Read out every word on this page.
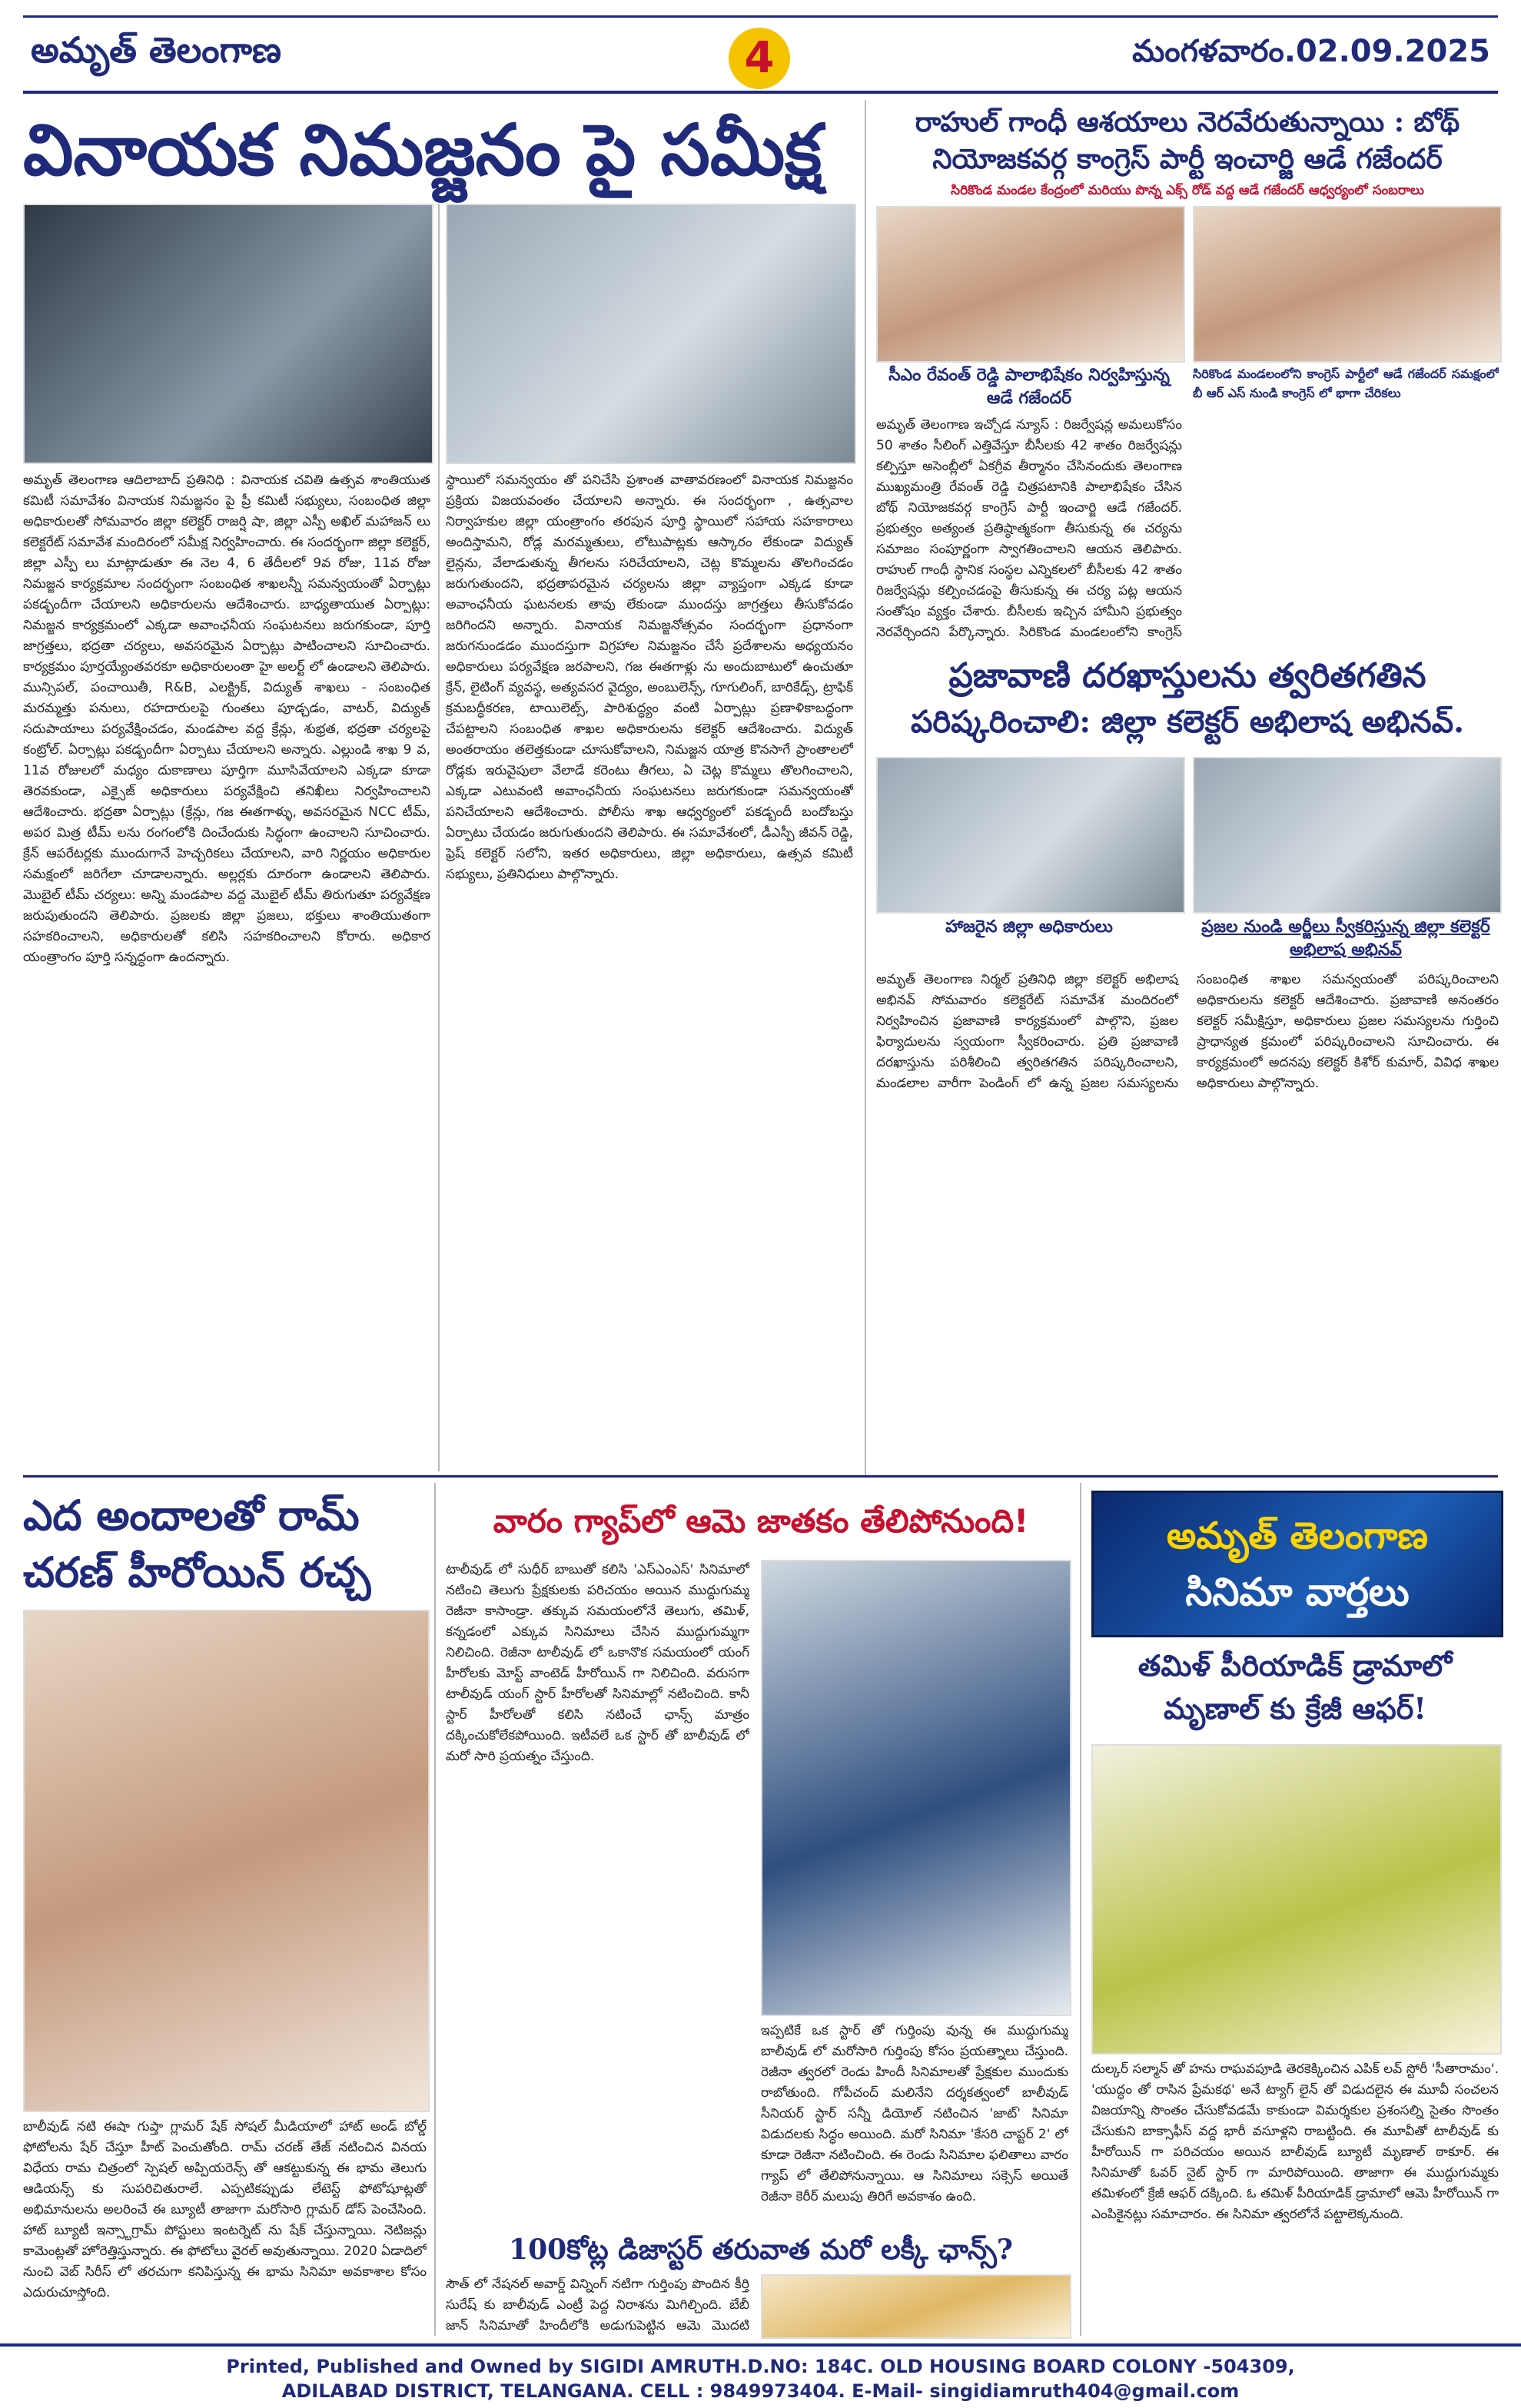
అమృత్ తెలంగాణ	4	మంగళవారం.02.09.2025
వినాయక నిమజ్జనం పై సమీక్ష
అమృత్ తెలంగాణ ఆదిలాబాద్ ప్రతినిధి : వినాయక చవితి ఉత్సవ శాంతియుత కమిటీ సమావేశం వినాయక నిమజ్జనం పై ప్రీ కమిటీ సభ్యులు, సంబంధిత జిల్లా అధికారులతో సోమవారం జిల్లా కలెక్టర్ రాజర్షి షా, జిల్లా ఎస్పీ అఖిల్ మహాజన్ లు కలెక్టరేట్ సమావేశ మందిరంలో సమీక్ష నిర్వహించారు. ఈ సందర్భంగా జిల్లా కలెక్టర్, జిల్లా ఎస్పీ లు మాట్లాడుతూ ఈ నెల 4, 6 తేదీలలో 9వ రోజు, 11వ రోజు నిమజ్జన కార్యక్రమాల సందర్భంగా సంబంధిత శాఖలన్నీ సమన్వయంతో ఏర్పాట్లు పకడ్బందీగా చేయాలని అధికారులను ఆదేశించారు. బాధ్యతాయుత ఏర్పాట్లు: నిమజ్జన కార్యక్రమంలో ఎక్కడా అవాంఛనీయ సంఘటనలు జరుగకుండా, పూర్తి జాగ్రత్తలు, భద్రతా చర్యలు, అవసరమైన ఏర్పాట్లు పాటించాలని సూచించారు. కార్యక్రమం పూర్తయ్యేంతవరకూ అధికారులంతా హై అలర్ట్ లో ఉండాలని తెలిపారు. మున్సిపల్, పంచాయితీ, R&B, ఎలక్ట్రిక్, విద్యుత్ శాఖలు - సంబంధిత మరమ్మత్తు పనులు, రహదారులపై గుంతలు పూడ్చడం, వాటర్, విద్యుత్ సదుపాయాలు పర్యవేక్షించడం, మండపాల వద్ద క్రేన్లు, శుభ్రత, భద్రతా చర్యలపై కంట్రోల్. ఏర్పాట్లు పకడ్బందీగా ఏర్పాటు చేయాలని అన్నారు. ఎల్లుండి శాఖ 9 వ, 11వ రోజులలో మధ్యం దుకాణాలు పూర్తిగా మూసివేయాలని ఎక్కడా కూడా తెరవకుండా, ఎక్సైజ్ అధికారులు పర్యవేక్షించి తనిఖీలు నిర్వహించాలని ఆదేశించారు. భద్రతా ఏర్పాట్లు (క్రేన్లు, గజ ఈతగాళ్ళు, అవసరమైన NCC టీమ్, అపర మిత్ర టీమ్ లను రంగంలోకి దించేందుకు సిద్ధంగా ఉంచాలని సూచించారు. క్రేన్ ఆపరేటర్లకు ముందుగానే హెచ్చరికలు చేయాలని, వారి నిర్ణయం అధికారుల సమక్షంలో జరిగేలా చూడాలన్నారు. అల్లర్లకు దూరంగా ఉండాలని తెలిపారు. మొబైల్ టీమ్ చర్యలు: అన్ని మండపాల వద్ద మొబైల్ టీమ్ తిరుగుతూ పర్యవేక్షణ జరుపుతుందని తెలిపారు. ప్రజలకు జిల్లా ప్రజలు, భక్తులు శాంతియుతంగా సహకరించాలని, అధికారులతో కలిసి సహకరించాలని కోరారు. అధికార యంత్రాంగం పూర్తి సన్నద్ధంగా ఉందన్నారు.
స్థాయిలో సమన్వయం తో పనిచేసి ప్రశాంత వాతావరణంలో వినాయక నిమజ్జనం ప్రక్రియ విజయవంతం చేయాలని అన్నారు. ఈ సందర్భంగా , ఉత్సవాల నిర్వాహకుల జిల్లా యంత్రాంగం తరపున పూర్తి స్థాయిలో సహాయ సహకారాలు అందిస్తామని, రోడ్ల మరమ్మతులు, లోటుపాట్లకు ఆస్కారం లేకుండా విద్యుత్ లైన్లను, వేలాడుతున్న తీగలను సరిచేయాలని, చెట్ల కొమ్మలను తొలగించడం జరుగుతుందని, భద్రతాపరమైన చర్యలను జిల్లా వ్యాప్తంగా ఎక్కడ కూడా అవాంఛనీయ ఘటనలకు తావు లేకుండా ముందస్తు జాగ్రత్తలు తీసుకోవడం జరిగిందని అన్నారు. వినాయక నిమజ్జనోత్సవం సందర్భంగా ప్రధానంగా జరుగనుండడం ముందస్తుగా విగ్రహాల నిమజ్జనం చేసే ప్రదేశాలను అధ్యయనం అధికారులు పర్యవేక్షణ జరపాలని, గజ ఈతగాళ్లు ను అందుబాటులో ఉంచుతూ క్రేన్, లైటింగ్ వ్యవస్థ, అత్యవసర వైద్యం, అంబులెన్స్, గూగులింగ్, బారికేడ్స్, ట్రాఫిక్ క్రమబద్ధీకరణ, టాయిలెట్స్, పారిశుద్ధ్యం వంటి ఏర్పాట్లు ప్రణాళికాబద్ధంగా చేపట్టాలని సంబంధిత శాఖల అధికారులను కలెక్టర్ ఆదేశించారు. విద్యుత్ అంతరాయం తలెత్తకుండా చూసుకోవాలని, నిమజ్జన యాత్ర కొనసాగే ప్రాంతాలలో రోడ్లకు ఇరువైపులా వేలాడే కరెంటు తీగలు, ఏ చెట్ల కొమ్మలు తొలగించాలని, ఎక్కడా ఎటువంటి అవాంఛనీయ సంఘటనలు జరుగకుండా సమన్వయంతో పనిచేయాలని ఆదేశించారు. పోలీసు శాఖ ఆధ్వర్యంలో పకడ్బందీ బందోబస్తు ఏర్పాటు చేయడం జరుగుతుందని తెలిపారు. ఈ సమావేశంలో, డీఎస్పీ జీవన్ రెడ్డి, ఫ్రెష్ కలెక్టర్ సలోని, ఇతర అధికారులు, జిల్లా అధికారులు, ఉత్సవ కమిటీ సభ్యులు, ప్రతినిధులు పాల్గొన్నారు.
రాహుల్ గాంధీ ఆశయాలు నెరవేరుతున్నాయి : బోథ్
నియోజకవర్గ కాంగ్రెస్ పార్టీ ఇంచార్జి ఆడే గజేందర్
సిరికొండ మండల కేంద్రంలో మరియు పొన్న ఎక్స్ రోడ్ వద్ద ఆడే గజేందర్ ఆధ్వర్యంలో సంబరాలు
సీఎం రేవంత్ రెడ్డి పాలాభిషేకం నిర్వహిస్తున్న ఆడే గజేందర్
అమృత్ తెలంగాణ ఇచ్చోడ న్యూస్ : రిజర్వేషన్ల అమలుకోసం 50 శాతం సీలింగ్ ఎత్తివేస్తూ బీసీలకు 42 శాతం రిజర్వేషన్లు కల్పిస్తూ అసెంబ్లీలో ఏకగ్రీవ తీర్మానం చేసినందుకు తెలంగాణ ముఖ్యమంత్రి రేవంత్ రెడ్డి చిత్రపటానికి పాలాభిషేకం చేసిన బోథ్ నియోజకవర్గ కాంగ్రెస్ పార్టీ ఇంచార్జి ఆడే గజేందర్. ప్రభుత్వం అత్యంత ప్రతిష్ఠాత్మకంగా తీసుకున్న ఈ చర్యను సమాజం సంపూర్ణంగా స్వాగతించాలని ఆయన తెలిపారు. రాహుల్ గాంధీ స్థానిక సంస్థల ఎన్నికలలో బీసీలకు 42 శాతం రిజర్వేషన్లు కల్పించడంపై తీసుకున్న ఈ చర్య పట్ల ఆయన సంతోషం వ్యక్తం చేశారు. బీసీలకు ఇచ్చిన హామీని ప్రభుత్వం నెరవేర్చిందని పేర్కొన్నారు. సిరికొండ మండలంలోని కాంగ్రెస్
సిరికొండ మండలంలోని కాంగ్రెస్ పార్టీలో ఆడే గజేందర్ సమక్షంలో బీ ఆర్ ఎస్ నుండి కాంగ్రెస్ లో భాగా చేరికలు
ప్రజావాణి దరఖాస్తులను త్వరితగతిన
పరిష్కరించాలి: జిల్లా కలెక్టర్ అభిలాష అభినవ్.
హాజరైన జిల్లా అధికారులు	ప్రజల నుండి అర్జీలు స్వీకరిస్తున్న జిల్లా కలెక్టర్ అభిలాష అభినవ్
అమృత్ తెలంగాణ నిర్మల్ ప్రతినిధి జిల్లా కలెక్టర్ అభిలాష అభినవ్ సోమవారం కలెక్టరేట్ సమావేశ మందిరంలో నిర్వహించిన ప్రజావాణి కార్యక్రమంలో పాల్గొని, ప్రజల ఫిర్యాదులను స్వయంగా స్వీకరించారు. ప్రతి ప్రజావాణి దరఖాస్తును పరిశీలించి త్వరితగతిన పరిష్కరించాలని, మండలాల వారీగా పెండింగ్ లో ఉన్న ప్రజల సమస్యలను సంబంధిత శాఖల సమన్వయంతో పరిష్కరించాలని అధికారులను కలెక్టర్ ఆదేశించారు. ప్రజావాణి అనంతరం కలెక్టర్ సమీక్షిస్తూ, అధికారులు ప్రజల సమస్యలను గుర్తించి ప్రాధాన్యత క్రమంలో పరిష్కరించాలని సూచించారు. ఈ కార్యక్రమంలో అదనపు కలెక్టర్ కిశోర్ కుమార్, వివిధ శాఖల అధికారులు పాల్గొన్నారు.
ఎద అందాలతో రామ్ చరణ్ హీరోయిన్ రచ్చ
బాలీవుడ్ నటి ఈషా గుప్తా గ్లామర్ షేక్ సోషల్ మీడియాలో హాట్ అండ్ బోల్డ్ ఫోటోలను షేర్ చేస్తూ హీట్ పెంచుతోంది. రామ్ చరణ్ తేజ్ నటించిన వినయ విధేయ రామ చిత్రంలో స్పెషల్ అప్పియరెన్స్ తో ఆకట్టుకున్న ఈ భామ తెలుగు ఆడియన్స్ కు సుపరిచితురాలే. ఎప్పటికప్పుడు లేటెస్ట్ ఫోటోషూట్లతో అభిమానులను అలరించే ఈ బ్యూటీ తాజాగా మరోసారి గ్లామర్ డోస్ పెంచేసింది. హాట్ బ్యూటీ ఇన్స్టాగ్రామ్ పోస్టులు ఇంటర్నెట్ ను షేక్ చేస్తున్నాయి. నెటిజన్లు కామెంట్లతో హోరెత్తిస్తున్నారు. ఈ ఫోటోలు వైరల్ అవుతున్నాయి. 2020 ఏడాదిలో నుంచి వెబ్ సిరీస్ లో తరచుగా కనిపిస్తున్న ఈ భామ సినిమా అవకాశాల కోసం ఎదురుచూస్తోంది.
వారం గ్యాప్‌లో ఆమె జాతకం తేలిపోనుంది!
టాలీవుడ్ లో సుధీర్ బాబుతో కలిసి 'ఎస్ఎంఎస్' సినిమాలో నటించి తెలుగు ప్రేక్షకులకు పరిచయం అయిన ముద్దుగుమ్మ రెజీనా కాసాండ్రా. తక్కువ సమయంలోనే తెలుగు, తమిళ్, కన్నడంలో ఎక్కువ సినిమాలు చేసిన ముద్దుగుమ్మగా నిలిచింది. రెజీనా టాలీవుడ్ లో ఒకానొక సమయంలో యంగ్ హీరోలకు మోస్ట్ వాంటెడ్ హీరోయిన్ గా నిలిచింది. వరుసగా టాలీవుడ్ యంగ్ స్టార్ హీరోలతో సినిమాల్లో నటించింది. కానీ స్టార్ హీరోలతో కలిసి నటించే ఛాన్స్ మాత్రం దక్కించుకోలేకపోయింది. ఇటీవలే ఒక స్టార్ తో బాలీవుడ్ లో మరో సారి ప్రయత్నం చేస్తుంది.
ఇప్పటికే ఒక స్టార్ తో గుర్తింపు వున్న ఈ ముద్దుగుమ్మ బాలీవుడ్ లో మరోసారి గుర్తింపు కోసం ప్రయత్నాలు చేస్తుంది. రెజీనా త్వరలో రెండు హిందీ సినిమాలతో ప్రేక్షకుల ముందుకు రాబోతుంది. గోపీచంద్ మలినేని దర్శకత్వంలో బాలీవుడ్ సీనియర్ స్టార్ సన్నీ డియోల్ నటించిన 'జాట్' సినిమా విడుదలకు సిద్ధం అయింది. మరో సినిమా 'కేసరి చాప్టర్ 2' లో కూడా రెజీనా నటించింది. ఈ రెండు సినిమాల ఫలితాలు వారం గ్యాప్ లో తేలిపోనున్నాయి. ఆ సినిమాలు సక్సెస్ అయితే రెజీనా కెరీర్ మలుపు తిరిగే అవకాశం ఉంది.
100కోట్ల డిజాస్టర్ తరువాత మరో లక్కీ ఛాన్స్?
సౌత్ లో నేషనల్ అవార్డ్ విన్నింగ్ నటిగా గుర్తింపు పొందిన కీర్తి సురేష్ కు బాలీవుడ్ ఎంట్రీ పెద్ద నిరాశను మిగిల్చింది. బేబీ జాన్ సినిమాతో హిందీలోకి అడుగుపెట్టిన ఆమె మొదటి
అమృత్ తెలంగాణ
సినిమా వార్తలు
తమిళ్ పీరియాడిక్ డ్రామాలో
మృణాల్ కు క్రేజీ ఆఫర్!
దుల్కర్ సల్మాన్ తో హను రాఘవపూడి తెరకెక్కించిన ఎపిక్ లవ్ స్టోరీ 'సీతారామం'. 'యుద్ధం తో రాసిన ప్రేమకథ' అనే ట్యాగ్ లైన్ తో విడుదలైన ఈ మూవీ సంచలన విజయాన్ని సొంతం చేసుకోవడమే కాకుండా విమర్శకుల ప్రశంసల్ని సైతం సొంతం చేసుకుని బాక్సాఫీస్ వద్ద భారీ వసూళ్లని రాబట్టింది. ఈ మూవీతో టాలీవుడ్ కు హీరోయిన్ గా పరిచయం అయిన బాలీవుడ్ బ్యూటీ మృణాల్ ఠాకూర్. ఈ సినిమాతో ఓవర్ నైట్ స్టార్ గా మారిపోయింది. తాజాగా ఈ ముద్దుగుమ్మకు తమిళంలో క్రేజీ ఆఫర్ దక్కింది. ఓ తమిళ్ పీరియాడిక్ డ్రామాలో ఆమె హీరోయిన్ గా ఎంపికైనట్లు సమాచారం. ఈ సినిమా త్వరలోనే పట్టాలెక్కనుంది.
Printed, Published and Owned by SIGIDI AMRUTH.D.NO: 184C. OLD HOUSING BOARD COLONY -504309,
ADILABAD DISTRICT, TELANGANA. CELL : 9849973404. E-Mail- singidiamruth404@gmail.com
